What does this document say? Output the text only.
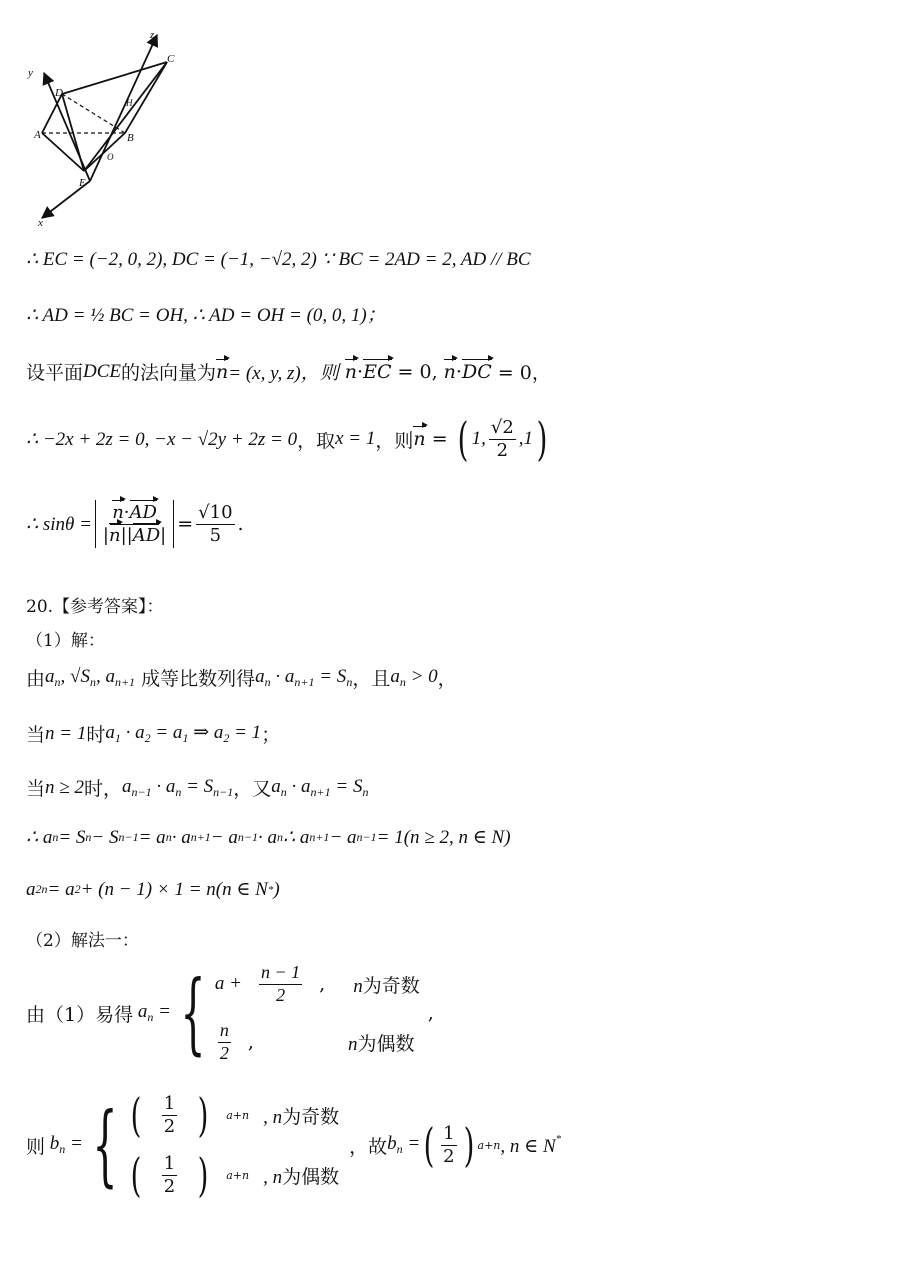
z
y
x
C
D
A	B
E
O
H
∴ EC = (−2, 0, 2), DC = (−1, −√2, 2) ∵ BC = 2AD = 2, AD // BC
∴ AD = ½ BC = OH, ∴ AD = OH = (0, 0, 1)；
设平面 DCE 的法向量为 n = (x, y, z)，则
n · EC = 0, n · DC
= 0，
∴ −2x + 2z = 0, −x − √2y + 2z = 0 ，取 x = 1 ，则 n = ( 1, $\frac{√2}{2} ,1$ )
∴ $\sin\theta = \frac{n\cdot AD}{|n||AD|} = \frac{√10}{5}$ .
20.【参考答案】：
（1）解：
由 $a_n$, $√S_n$, $a_{n+1}$
成等比数列得 $a_n \cdot a_{n+1} = S_n$ ，且 $a_n > 0$ ，
当 n = 1 时 $a_1 \cdot a_2 = a_1$ ⇒ $a_2 = 1$ ；
当 n ≥ 2 时， $a_{n-1} \cdot a_n = S_{n-1}$ ，又 $a_n \cdot a_{n+1} = S_n$
∴ a n = S n − S n−1 = a n · a n+1 − a n−1 · a n ∴ a n+1 − a n−1 = 1(n ≥ 2, n ∈ N)
a 2n = a 2 + (n − 1) × 1 = n(n ∈ N * )
（2）解法一：
由（1）易得 $a_n$ = { $a + \frac{n - 1}{2}$ , n为奇数
$\frac{n}{2}$ ,	n为偶数
,
则 $b_n$ = { ( $\frac{1}{2}$ ) a+n , n为奇数
( $\frac{1}{2}$ ) a+n , n为偶数
，故 $b_n$ = ( $\frac{1}{2}$ ) a+n , n ∈ N*
